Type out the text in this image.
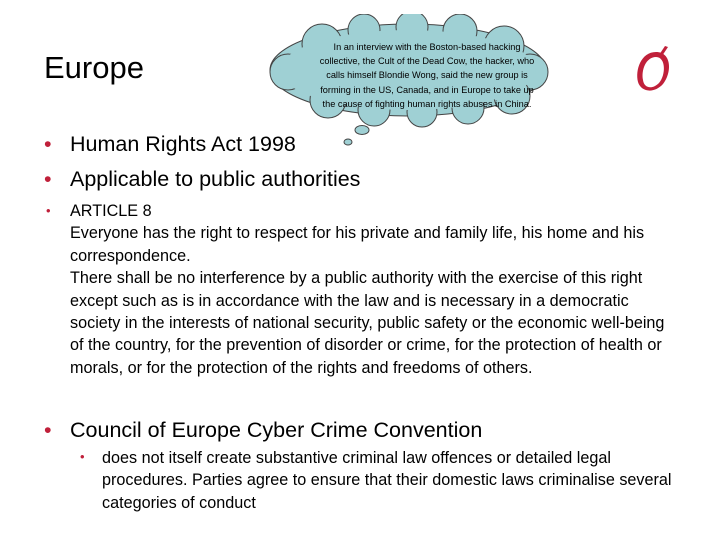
Europe
In an interview with the Boston-based hacking collective, the Cult of the Dead Cow, the hacker, who calls himself Blondie Wong, said the new group is forming in the US, Canada, and in Europe to take up the cause of fighting human rights abuses in China.
• Human Rights Act 1998
• Applicable to public authorities
• ARTICLE 8
Everyone has the right to respect for his private and family life, his home and his correspondence.
There shall be no interference by a public authority with the exercise of this right except such as is in accordance with the law and is necessary in a democratic society in the interests of national security, public safety or the economic well-being of the country, for the prevention of disorder or crime, for the protection of health or morals, or for the protection of the rights and freedoms of others.
• Council of Europe Cyber Crime Convention
• does not itself create substantive criminal law offences or detailed legal procedures. Parties agree to ensure that their domestic laws criminalise several categories of conduct
